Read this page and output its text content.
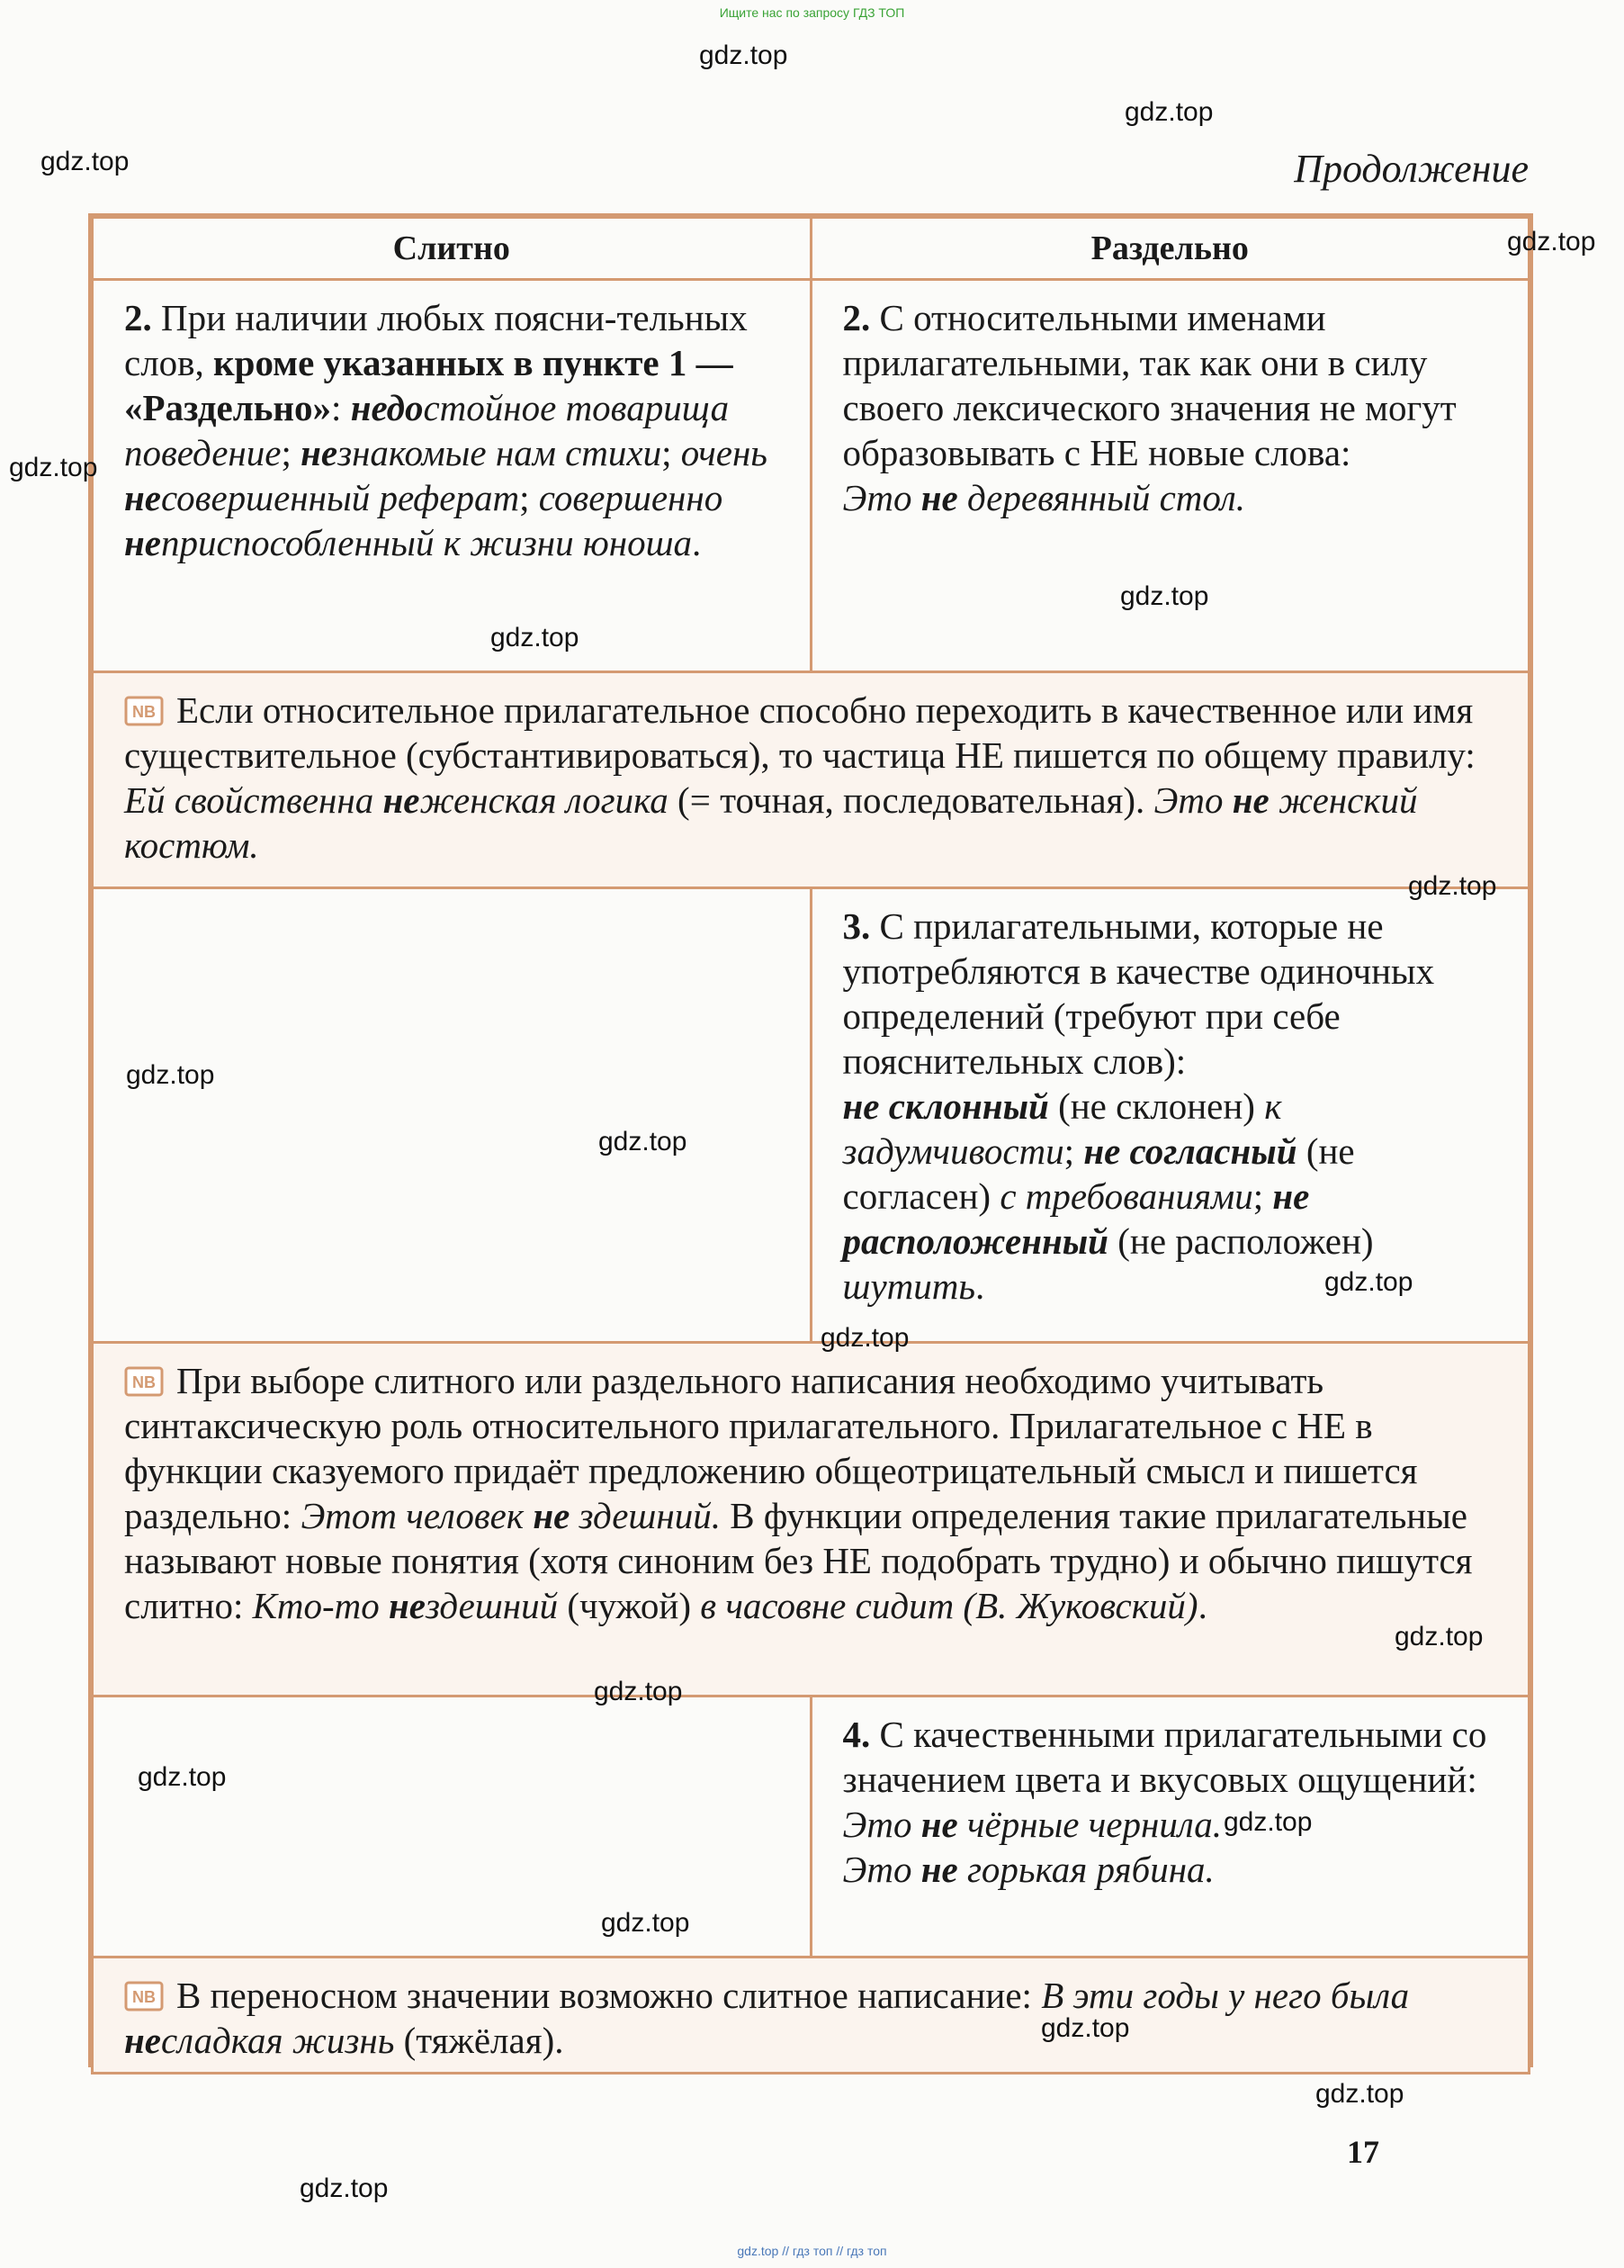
Ищите нас по запросу ГДЗ ТОП
Продолжение
Слитно	Раздельно

2. При наличии любых поясни-тельных слов, кроме указанных в пункте 1 — «Раздельно»: недостойное товарища поведение; незнакомые нам стихи; очень несовершенный реферат; совершенно неприспособленный к жизни юноша.	2. С относительными именами прилагательными, так как они в силу своего лексического значения не могут образовывать с НЕ новые слова:
Это не деревянный стол.

NB Если относительное прилагательное способно переходить в качественное или имя существительное (субстантивироваться), то частица НЕ пишется по общему правилу: Ей свойственна неженская логика (= точная, последовательная). Это не женский костюм.	

	3. С прилагательными, которые не употребляются в качестве одиночных определений (требуют при себе пояснительных слов):
не склонный (не склонен) к задумчивости; не согласный (не согласен) с требованиями; не расположенный (не расположен) шутить.

NB При выборе слитного или раздельного написания необходимо учитывать синтаксическую роль относительного прилагательного. Прилагательное с НЕ в функции сказуемого придаёт предложению общеотрицательный смысл и пишется раздельно: Этот человек не здешний. В функции определения такие прилагательные называют новые понятия (хотя синоним без НЕ подобрать трудно) и обычно пишутся слитно: Кто-то нездешний (чужой) в часовне сидит (В. Жуковский).	

	4. С качественными прилагательными со значением цвета и вкусовых ощущений:
Это не чёрные чернила.
Это не горькая рябина.

NB В переносном значении возможно слитное написание: В эти годы у него была несладкая жизнь (тяжёлая).	
17
gdz.top
gdz.top
gdz.top
gdz.top
gdz.top
gdz.top
gdz.top
gdz.top
gdz.top
gdz.top
gdz.top
gdz.top
gdz.top
gdz.top
gdz.top
gdz.top
gdz.top
gdz.top
gdz.top
gdz.top
gdz.top // гдз топ // гдз топ
